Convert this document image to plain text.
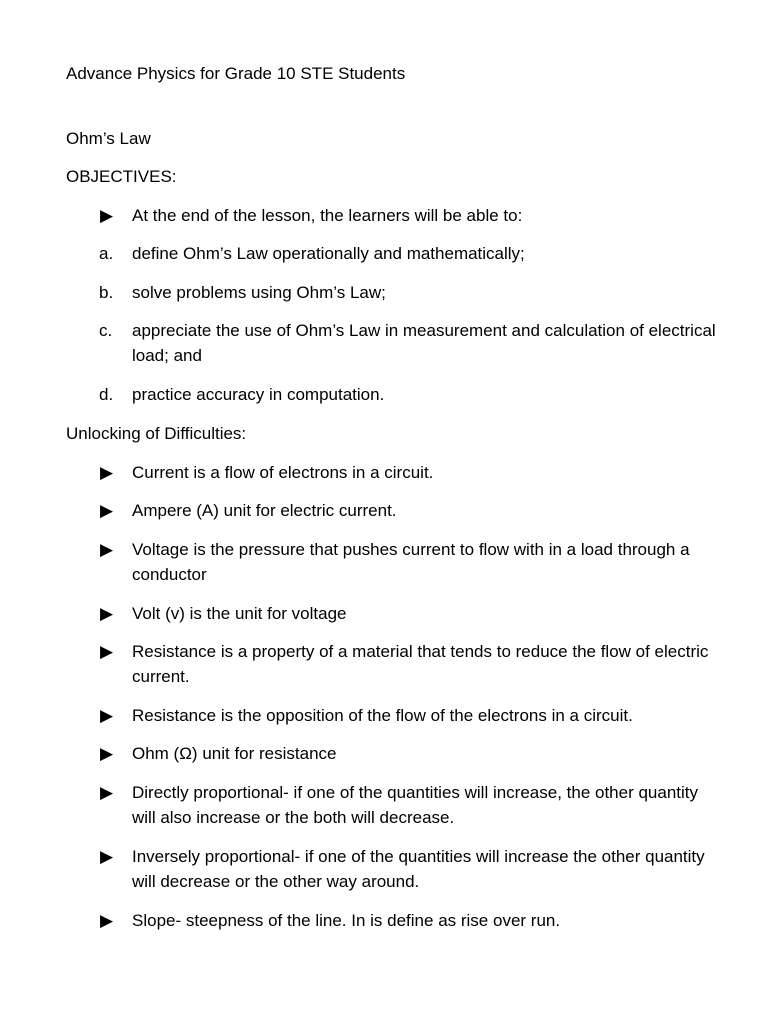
Advance Physics for Grade 10 STE Students
Ohm’s Law
OBJECTIVES:
▶ At the end of the lesson, the learners will be able to:
a. define Ohm’s Law operationally and mathematically;
b. solve problems using Ohm’s Law;
c. appreciate the use of Ohm’s Law in measurement and calculation of electrical load; and
d. practice accuracy in computation.
Unlocking of Difficulties:
▶ Current is a flow of electrons in a circuit.
▶ Ampere (A) unit for electric current.
▶ Voltage is the pressure that pushes current to flow with in a load through a conductor
▶ Volt (v) is the unit for voltage
▶ Resistance is a property of a material that tends to reduce the flow of electric current.
▶ Resistance is the opposition of the flow of the electrons in a circuit.
▶ Ohm (Ω) unit for resistance
▶ Directly proportional- if one of the quantities will increase, the other quantity will also increase or the both will decrease.
▶ Inversely proportional- if one of the quantities will increase the other quantity will decrease or the other way around.
▶ Slope- steepness of the line. In is define as rise over run.
